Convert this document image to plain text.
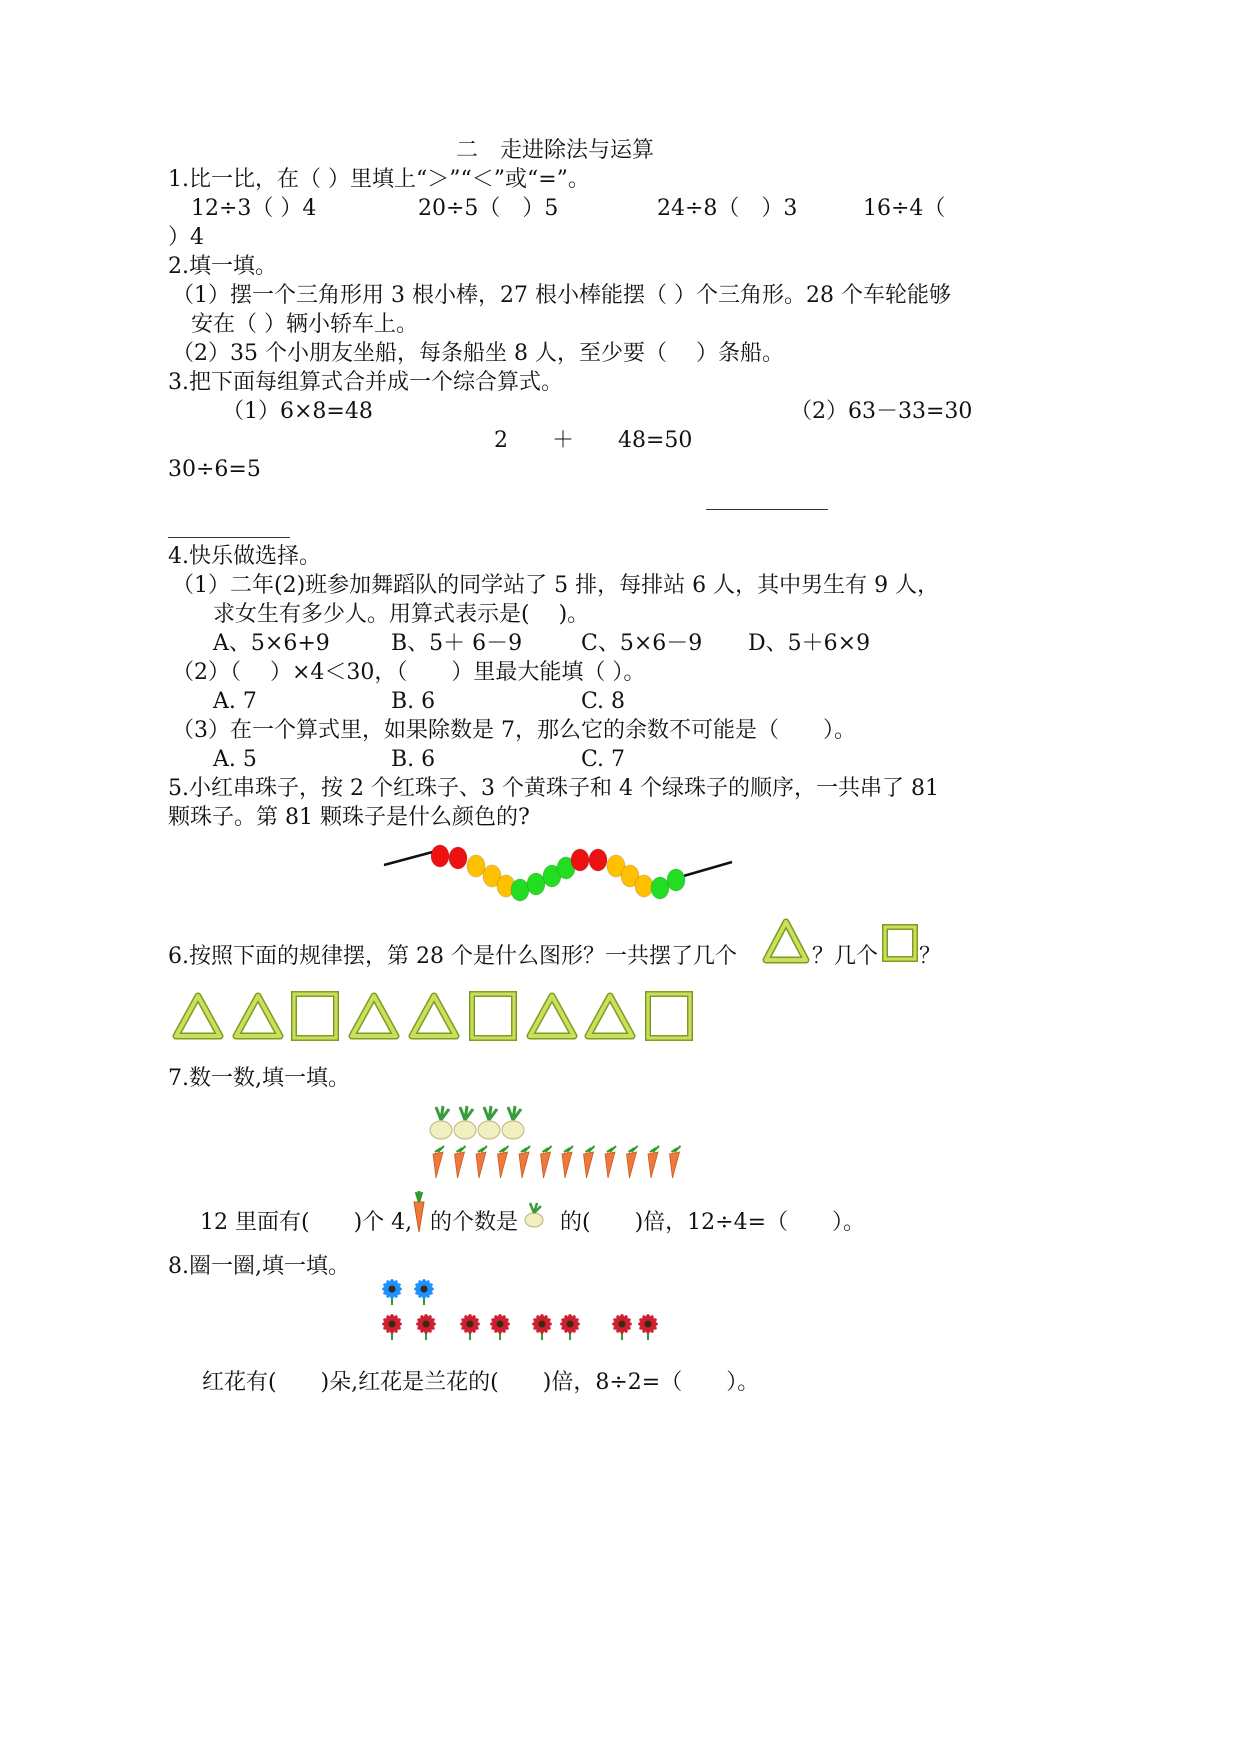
二　走进除法与运算
1.比一比，在（ ）里填上“＞”“＜”或“=”。
12÷3（ ）4	20÷5（　）5	24÷8（　）3	16÷4（
）4
2.填一填。
（1）摆一个三角形用 3 根小棒，27 根小棒能摆（ ）个三角形。28 个车轮能够
安在（ ）辆小轿车上。
（2）35 个小朋友坐船，每条船坐 8 人，至少要（　 ）条船。
3.把下面每组算式合并成一个综合算式。
（1）6×8=48	（2）63－33=30
2 ＋ 48=50
30÷6=5
4.快乐做选择。
（1）二年(2)班参加舞蹈队的同学站了 5 排，每排站 6 人，其中男生有 9 人，
求女生有多少人。用算式表示是(　 )。
A、5×6+9	B、5＋ 6－9	C、5×6－9 D、5＋6×9
（2）（　 ）×4＜30，（　　）里最大能填（ ）。
A. 7	B. 6	C. 8
（3）在一个算式里，如果除数是 7，那么它的余数不可能是（　　）。
A. 5	B. 6	C. 7
5.小红串珠子，按 2 个红珠子、3 个黄珠子和 4 个绿珠子的顺序，一共串了 81
颗珠子。第 81 颗珠子是什么颜色的?
6.按照下面的规律摆，第 28 个是什么图形？一共摆了几个	？几个 ？
7.数一数,填一填。
12 里面有(　　)个 4, 的个数是 的(　　)倍，12÷4=（　　）。
8.圈一圈,填一填。
红花有(　　)朵,红花是兰花的(　　)倍，8÷2=（　　）。
